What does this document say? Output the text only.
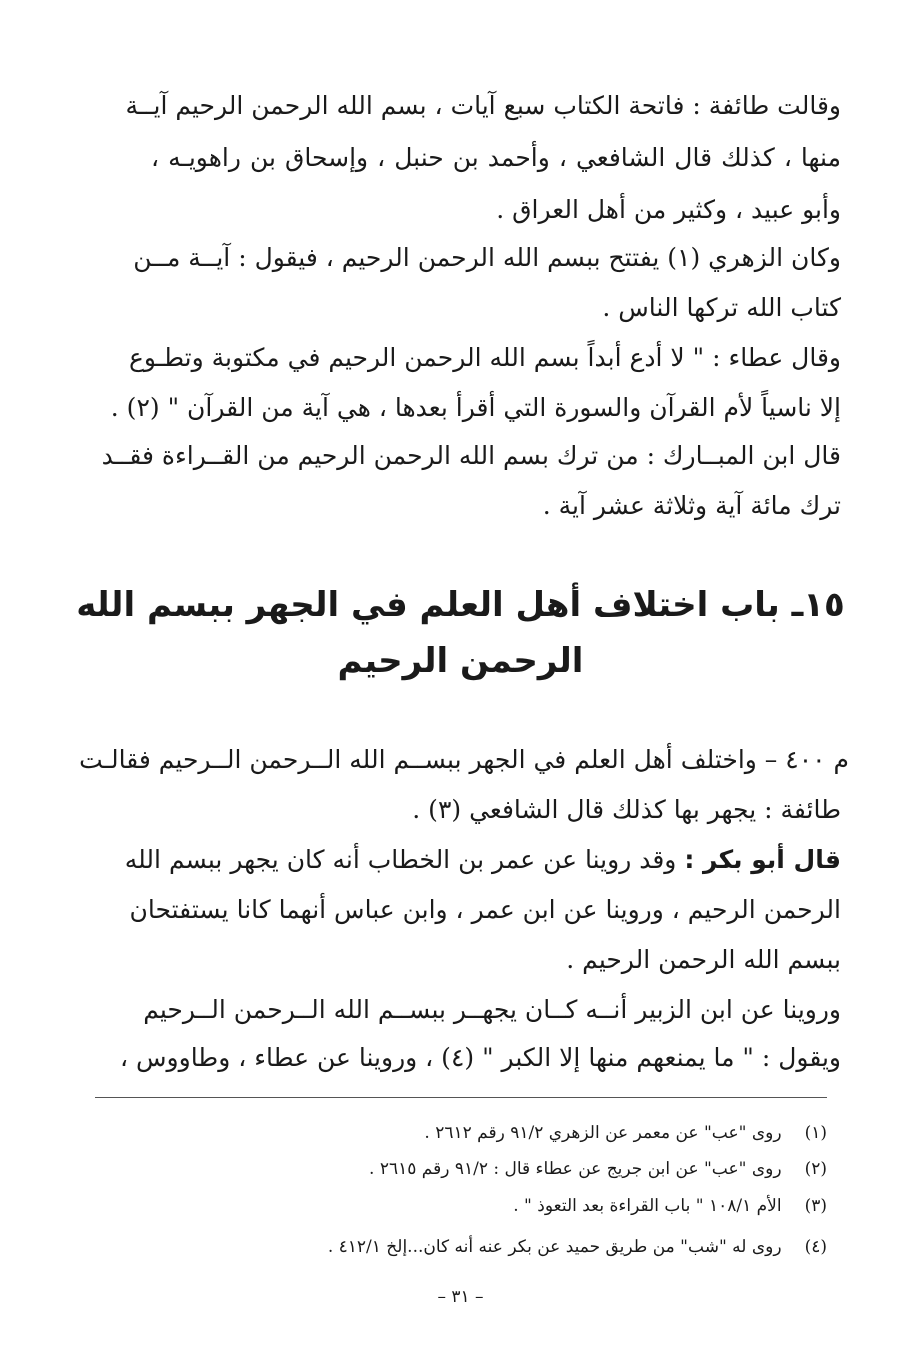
وقالت طائفة : فاتحة الكتاب سبع آيات ، بسم الله الرحمن الرحيم آيــة
منها ، كذلك قال الشافعي ، وأحمد بن حنبل ، وإسحاق بن راهويـه ،
وأبو عبيد ، وكثير من أهل العراق .
وكان الزهري (١) يفتتح ببسم الله الرحمن الرحيم ، فيقول : آيــة مــن
كتاب الله تركها الناس .
وقال عطاء : " لا أدع أبداً بسم الله الرحمن الرحيم في مكتوبة وتطـوع
إلا ناسياً لأم القرآن والسورة التي أقرأ بعدها ، هي آية من القرآن " (٢) .
قال ابن المبــارك : من ترك بسم الله الرحمن الرحيم من القــراءة فقــد
ترك مائة آية وثلاثة عشر آية .
١٥ـ باب اختلاف أهل العلم في الجهر ببسم الله
الرحمن الرحيم
م ٤٠٠ – واختلف أهل العلم في الجهر ببســم الله الــرحمن الــرحيم فقالـت
طائفة : يجهر بها كذلك قال الشافعي (٣) .
قال أبو بكر : وقد روينا عن عمر بن الخطاب أنه كان يجهر ببسم الله
الرحمن الرحيم ، وروينا عن ابن عمر ، وابن عباس أنهما كانا يستفتحان
ببسم الله الرحمن الرحيم .
وروينا عن ابن الزبير أنــه كــان يجهــر ببســم الله الــرحمن الــرحيم
ويقول : " ما يمنعهم منها إلا الكبر " (٤) ، وروينا عن عطاء ، وطاووس ،
(١) روى "عب" عن معمر عن الزهري ٩١/٢ رقم ٢٦١٢ .
(٢) روى "عب" عن ابن جريج عن عطاء قال : ٩١/٢ رقم ٢٦١٥ .
(٣) الأم ١٠٨/١ " باب القراءة بعد التعوذ " .
(٤) روى له "شب" من طريق حميد عن بكر عنه أنه كان...إلخ ٤١٢/١ .
– ٣١ –
